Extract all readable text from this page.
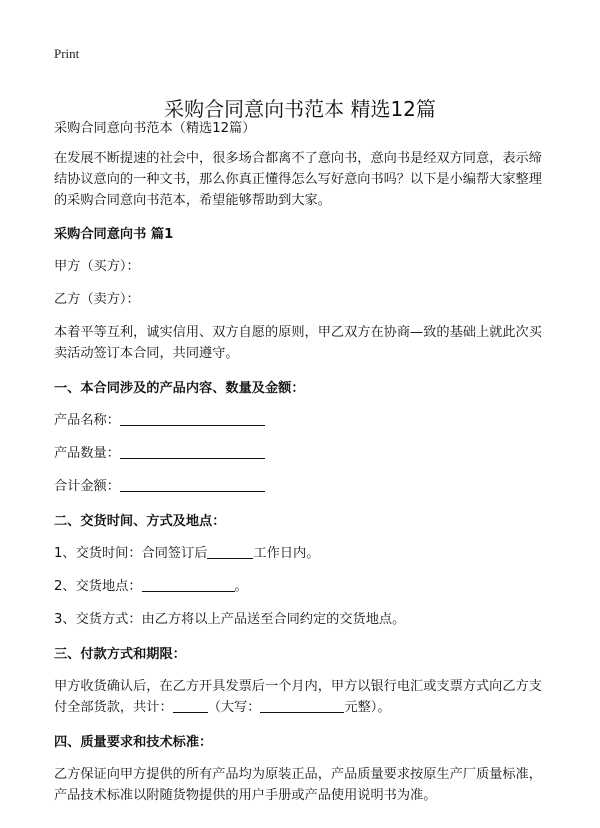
Print
采购合同意向书范本 精选12篇

采购合同意向书范本（精选12篇）

在发展不断提速的社会中，很多场合都离不了意向书，意向书是经双方同意，表示缔结协议意向的一种文书，那么你真正懂得怎么写好意向书吗？以下是小编帮大家整理的采购合同意向书范本，希望能够帮助到大家。

采购合同意向书 篇1

甲方（买方）：

乙方（卖方）：

本着平等互利，诚实信用、双方自愿的原则，甲乙双方在协商—致的基础上就此次买卖活动签订本合同，共同遵守。

一、本合同涉及的产品内容、数量及金额：

产品名称：

产品数量：

合计金额：

二、交货时间、方式及地点：

1、交货时间：合同签订后	工作日内。

2、交货地点：	。

3、交货方式：由乙方将以上产品送至合同约定的交货地点。

三、付款方式和期限：

甲方收货确认后，在乙方开具发票后一个月内，甲方以银行电汇或支票方式向乙方支付全部货款，共计：	（大写：	元整）。

四、质量要求和技术标准：

乙方保证向甲方提供的所有产品均为原装正品，产品质量要求按原生产厂质量标准，产品技术标准以附随货物提供的用户手册或产品使用说明书为准。
